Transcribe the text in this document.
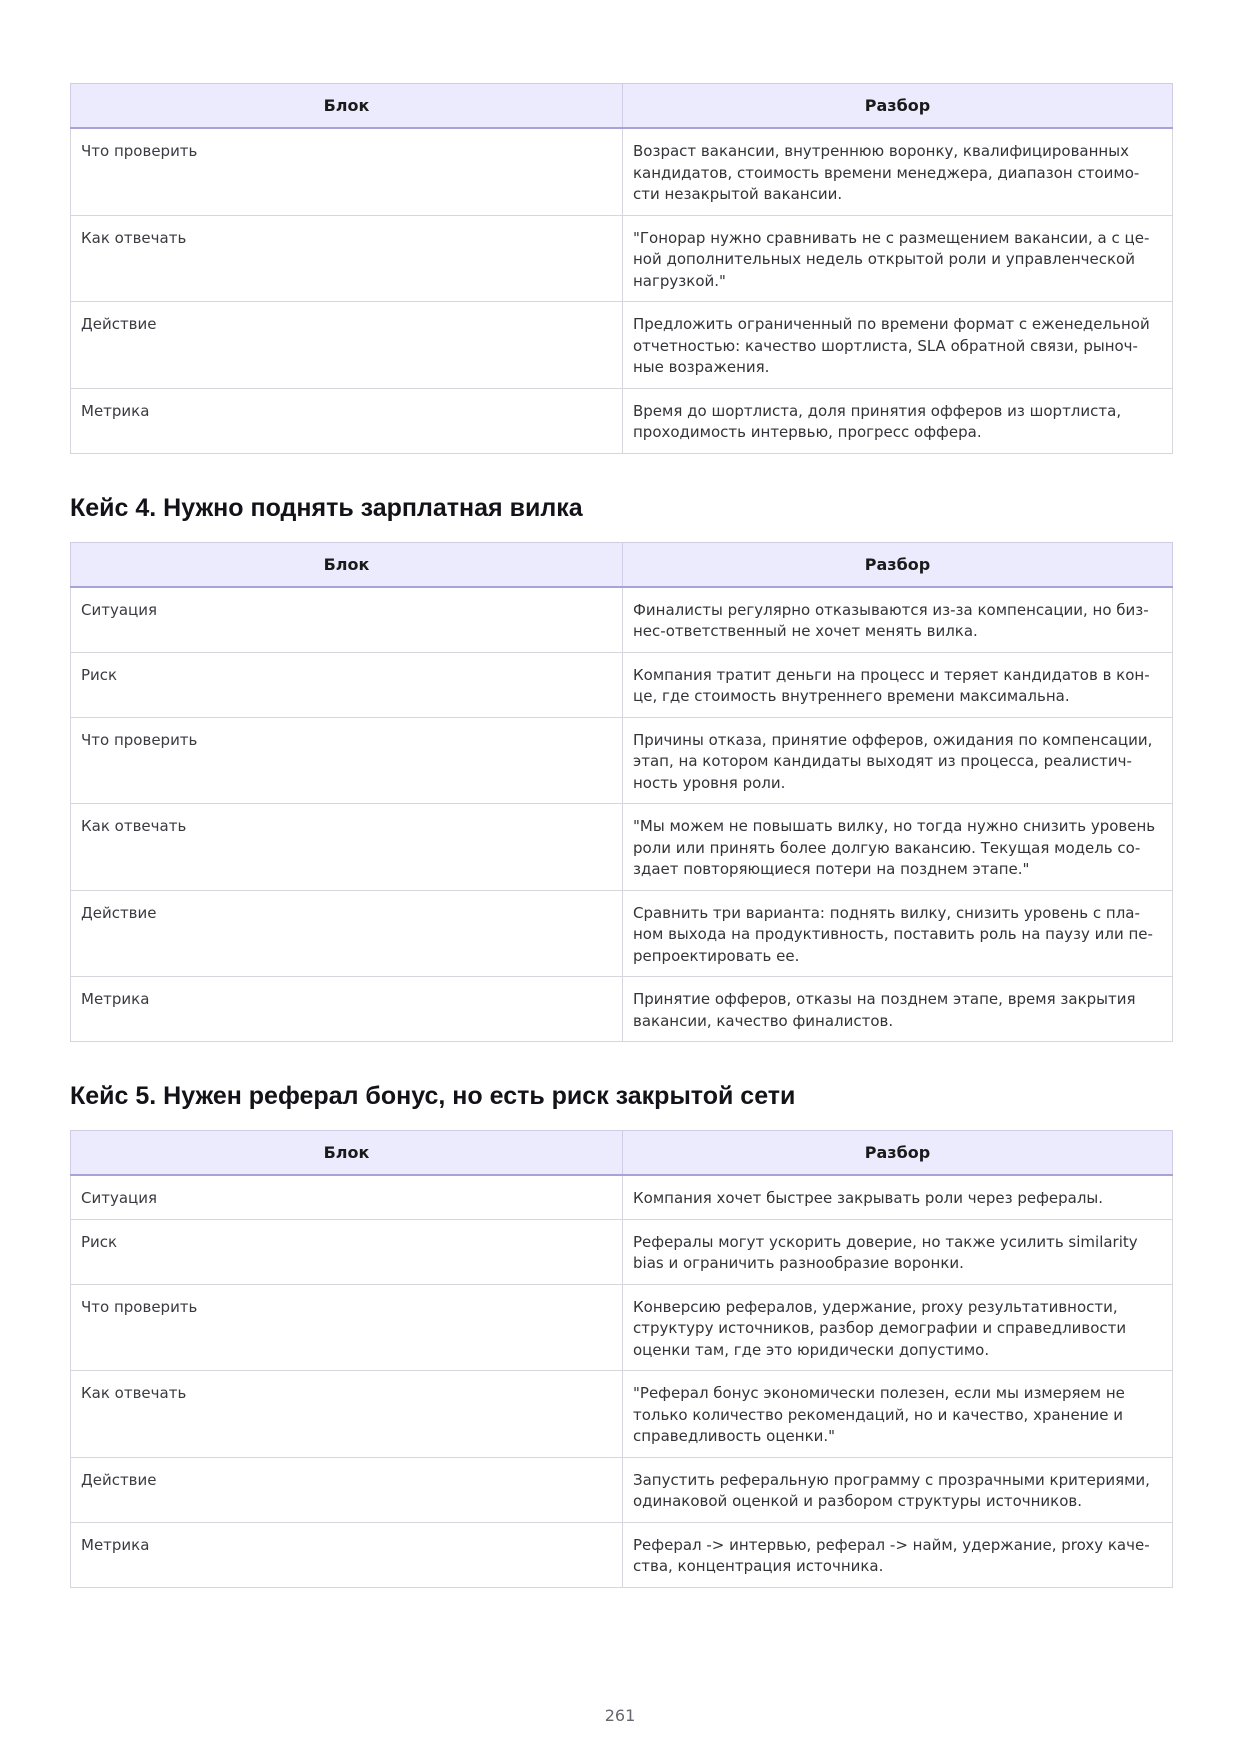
Блок	Разбор
Что проверить	Возраст вакансии, внутреннюю воронку, квалифицированных кандидатов, стоимость времени менеджера, диапазон стоимо-сти незакрытой вакансии.
Как отвечать	"Гонорар нужно сравнивать не с размещением вакансии, а с це-ной дополнительных недель открытой роли и управленческой нагрузкой."
Действие	Предложить ограниченный по времени формат с еженедельной отчетностью: качество шортлиста, SLA обратной связи, рыноч-ные возражения.
Метрика	Время до шортлиста, доля принятия офферов из шортлиста, проходимость интервью, прогресс оффера.
Кейс 4. Нужно поднять зарплатная вилка
Блок	Разбор
Ситуация	Финалисты регулярно отказываются из-за компенсации, но биз-нес-ответственный не хочет менять вилка.
Риск	Компания тратит деньги на процесс и теряет кандидатов в кон-це, где стоимость внутреннего времени максимальна.
Что проверить	Причины отказа, принятие офферов, ожидания по компенсации, этап, на котором кандидаты выходят из процесса, реалистич-ность уровня роли.
Как отвечать	"Мы можем не повышать вилку, но тогда нужно снизить уровень роли или принять более долгую вакансию. Текущая модель со-здает повторяющиеся потери на позднем этапе."
Действие	Сравнить три варианта: поднять вилку, снизить уровень с пла-ном выхода на продуктивность, поставить роль на паузу или пе-репроектировать ее.
Метрика	Принятие офферов, отказы на позднем этапе, время закрытия вакансии, качество финалистов.
Кейс 5. Нужен реферал бонус, но есть риск закрытой сети
Блок	Разбор
Ситуация	Компания хочет быстрее закрывать роли через рефералы.
Риск	Рефералы могут ускорить доверие, но также усилить similarity bias и ограничить разнообразие воронки.
Что проверить	Конверсию рефералов, удержание, proxy результативности, структуру источников, разбор демографии и справедливости оценки там, где это юридически допустимо.
Как отвечать	"Реферал бонус экономически полезен, если мы измеряем не только количество рекомендаций, но и качество, хранение и справедливость оценки."
Действие	Запустить реферальную программу с прозрачными критериями, одинаковой оценкой и разбором структуры источников.
Метрика	Реферал -> интервью, реферал -> найм, удержание, proxy каче-ства, концентрация источника.
261
